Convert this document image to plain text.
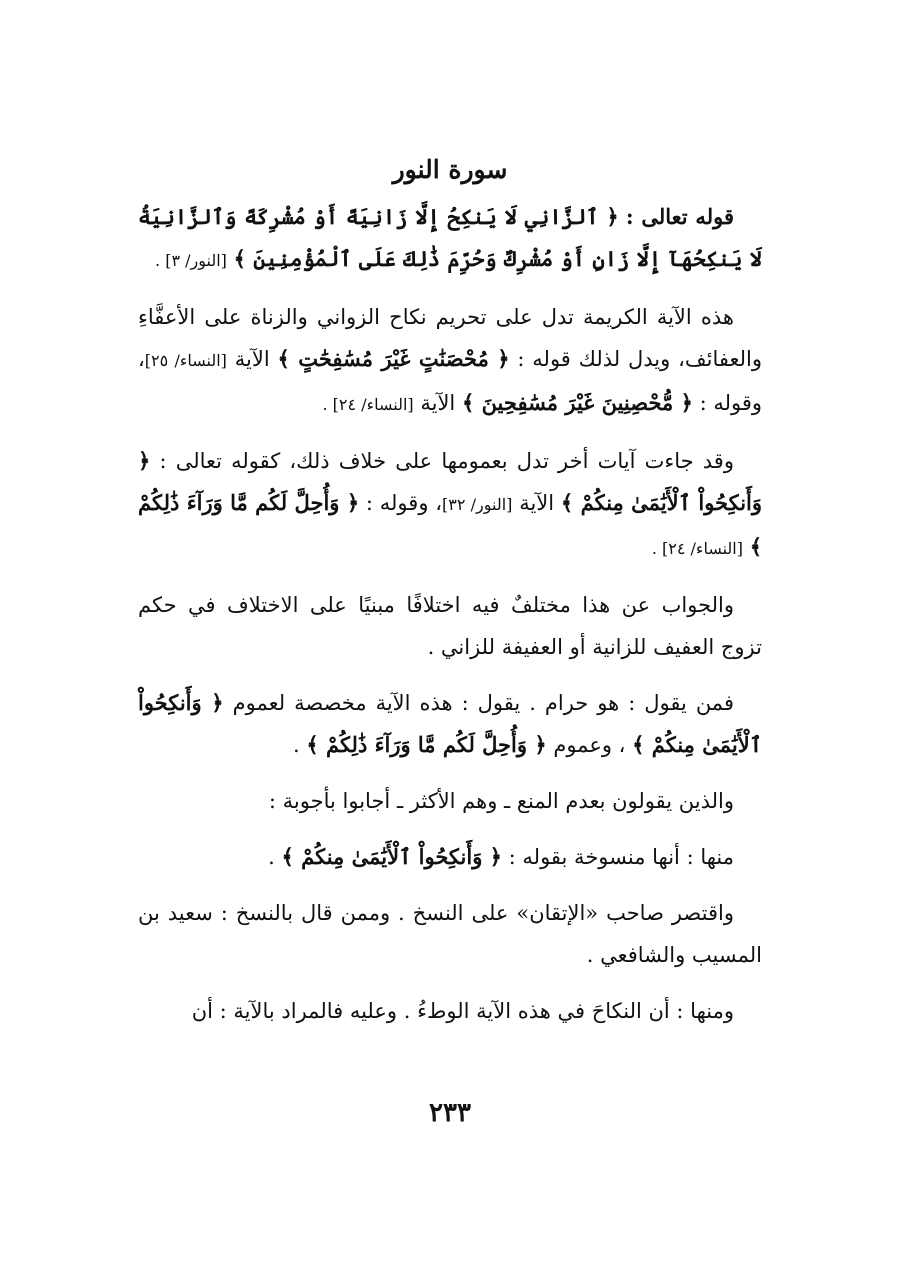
سورة النور

قوله تعالى : ﴿ ٱلزَّانِي لَا يَنكِحُ إِلَّا زَانِيَةً أَوْ مُشْرِكَةً وَٱلزَّانِيَةُ لَا يَنكِحُهَآ إِلَّا زَانٍ أَوْ مُشْرِكٌ وَحُرِّمَ ذَٰلِكَ عَلَى ٱلْمُؤْمِنِينَ ﴾ [النور/ ٣] .

هذه الآية الكريمة تدل على تحريم نكاح الزواني والزناة على الأعفَّاءِ والعفائف، ويدل لذلك قوله : ﴿ مُحْصَنَٰتٍ غَيْرَ مُسَٰفِحَٰتٍ ﴾ الآية [النساء/ ٢٥]، وقوله : ﴿ مُّحْصِنِينَ غَيْرَ مُسَٰفِحِينَ ﴾ الآية [النساء/ ٢٤] .

وقد جاءت آيات أخر تدل بعمومها على خلاف ذلك، كقوله تعالى : ﴿ وَأَنكِحُواْ ٱلْأَيَٰمَىٰ مِنكُمْ ﴾ الآية [النور/ ٣٢]، وقوله : ﴿ وَأُحِلَّ لَكُم مَّا وَرَآءَ ذَٰلِكُمْ ﴾ [النساء/ ٢٤] .

والجواب عن هذا مختلفٌ فيه اختلافًا مبنيًا على الاختلاف في حكم تزوج العفيف للزانية أو العفيفة للزاني .

فمن يقول : هو حرام . يقول : هذه الآية مخصصة لعموم ﴿ وَأَنكِحُواْ ٱلْأَيَٰمَىٰ مِنكُمْ ﴾ ، وعموم ﴿ وَأُحِلَّ لَكُم مَّا وَرَآءَ ذَٰلِكُمْ ﴾ .

والذين يقولون بعدم المنع ـ وهم الأكثر ـ أجابوا بأجوبة :

منها : أنها منسوخة بقوله : ﴿ وَأَنكِحُواْ ٱلْأَيَٰمَىٰ مِنكُمْ ﴾ .

واقتصر صاحب «الإتقان» على النسخ . وممن قال بالنسخ : سعيد بن المسيب والشافعي .

ومنها : أن النكاحَ في هذه الآية الوطءُ . وعليه فالمراد بالآية : أن

٢٣٣
